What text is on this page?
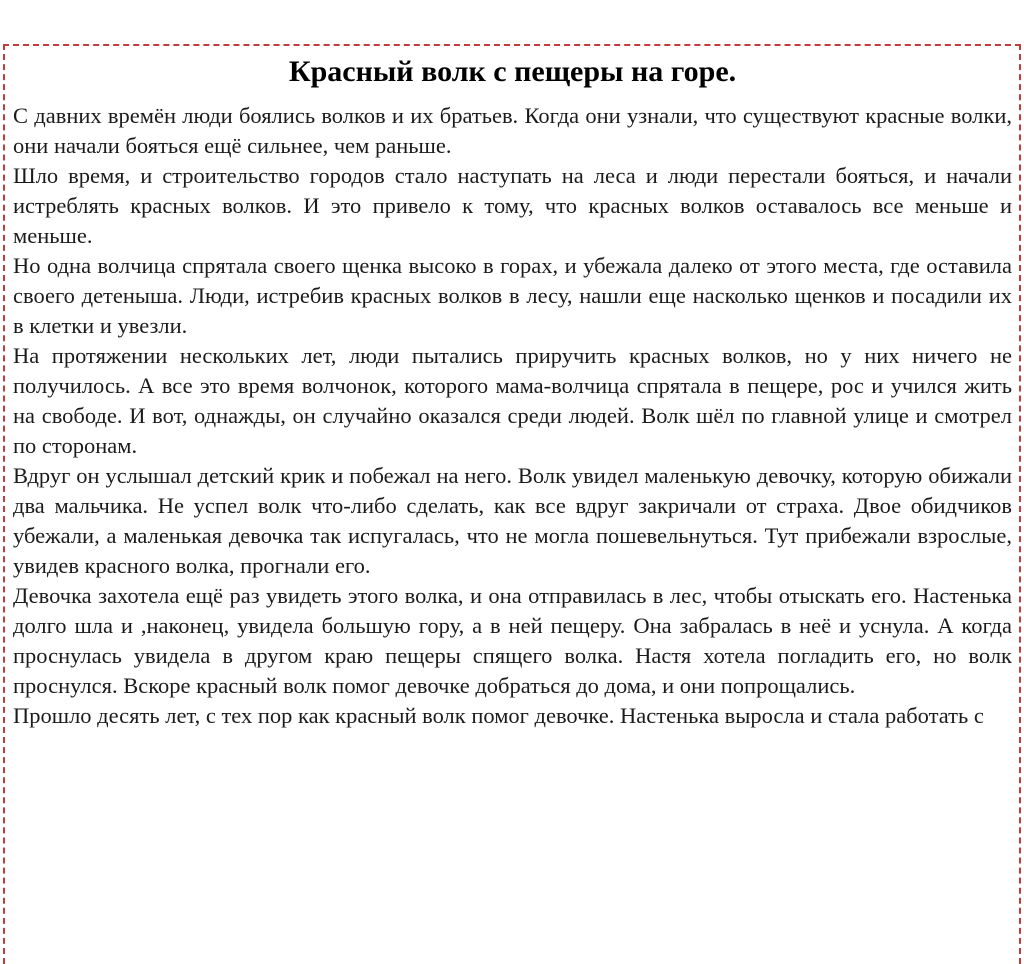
Красный волк с пещеры на горе.

С давних времён люди боялись волков и их братьев. Когда они узнали, что существуют красные волки, они начали бояться ещё сильнее, чем раньше.

Шло время, и строительство городов стало наступать на леса и люди перестали бояться, и начали истреблять красных волков. И это привело к тому, что красных волков оставалось все меньше и меньше.

Но одна волчица спрятала своего щенка высоко в горах, и убежала далеко от этого места, где оставила своего детеныша. Люди, истребив красных волков в лесу, нашли еще насколько щенков и посадили их в клетки и увезли.

На протяжении нескольких лет, люди пытались приручить красных волков, но у них ничего не получилось. А все это время волчонок, которого мама-волчица спрятала в пещере, рос и учился жить на свободе. И вот, однажды, он случайно оказался среди людей. Волк шёл по главной улице и смотрел по сторонам.

Вдруг он услышал детский крик и побежал на него. Волк увидел маленькую девочку, которую обижали два мальчика. Не успел волк что-либо сделать, как все вдруг закричали от страха. Двое обидчиков убежали, а маленькая девочка так испугалась, что не могла пошевельнуться. Тут прибежали взрослые, увидев красного волка, прогнали его.

Девочка захотела ещё раз увидеть этого волка, и она отправилась в лес, чтобы отыскать его. Настенька долго шла и ,наконец, увидела большую гору, а в ней пещеру. Она забралась в неё и уснула. А когда проснулась увидела в другом краю пещеры спящего волка. Настя хотела погладить его, но волк проснулся. Вскоре красный волк помог девочке добраться до дома, и они попрощались.

Прошло десять лет, с тех пор как красный волк помог девочке. Настенька выросла и стала работать с
